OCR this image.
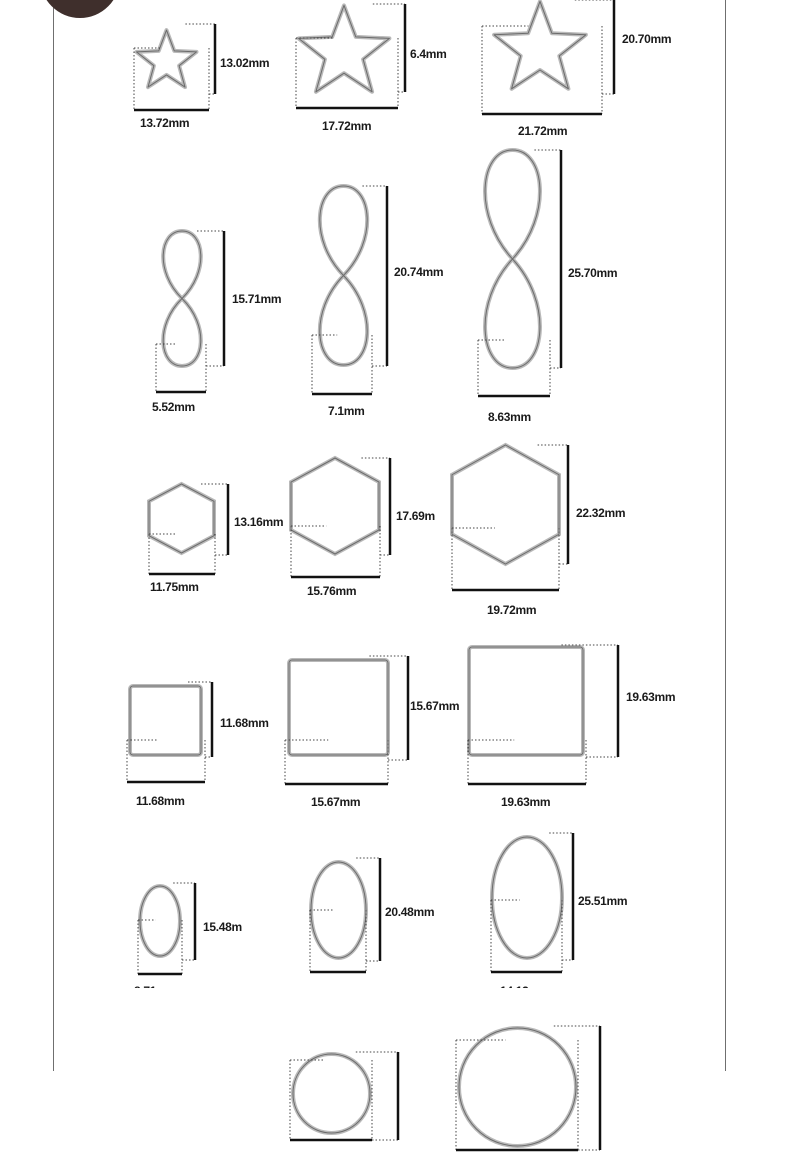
13.72mm
13.02mm
17.72mm
6.4mm
21.72mm
20.70mm
5.52mm
15.71mm
7.1mm
20.74mm
8.63mm
25.70mm
11.75mm
13.16mm
15.76mm
17.69m
19.72mm
22.32mm
11.68mm
11.68mm
15.67mm
15.67mm
19.63mm
19.63mm
15.48m
20.48mm
25.51mm
